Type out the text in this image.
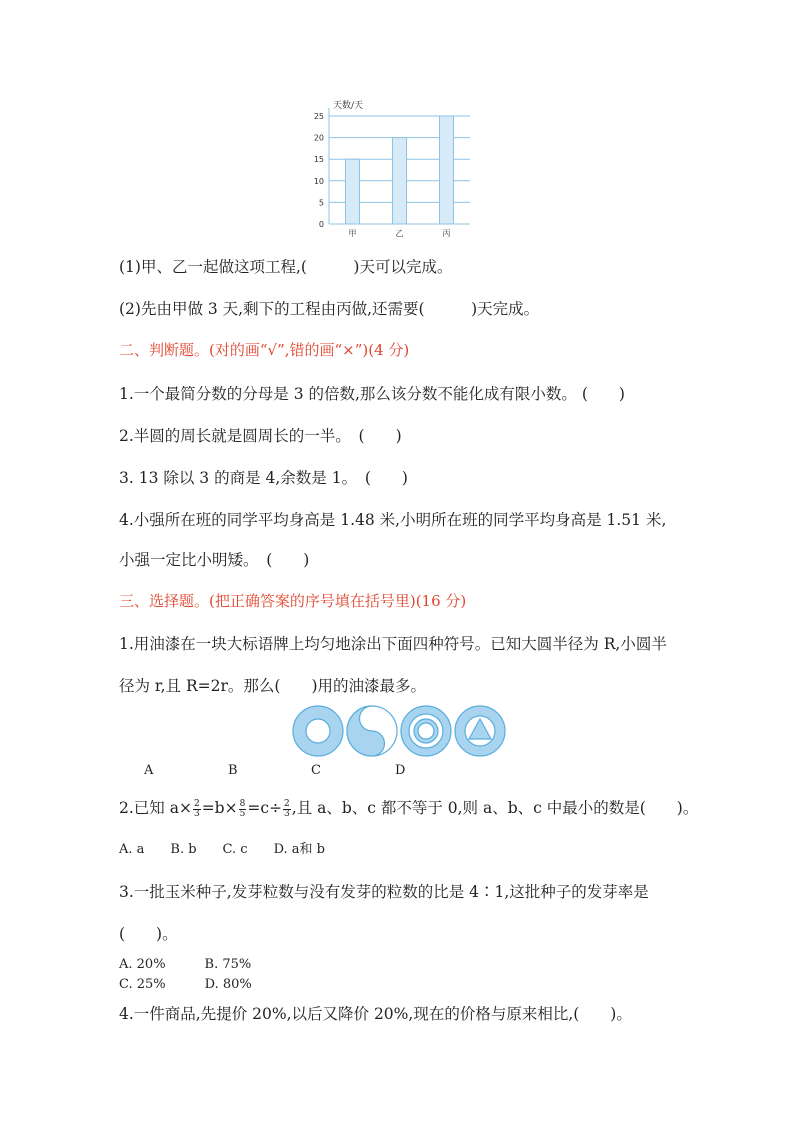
0
5
10
15
20
25
甲	乙	丙
天数/天
(1)甲、乙一起做这项工程,(　　　)天可以完成。
(2)先由甲做 3 天,剩下的工程由丙做,还需要(　　　)天完成。
二、判断题。(对的画“√”,错的画“×”)(4 分)
1.一个最简分数的分母是 3 的倍数,那么该分数不能化成有限小数。 (　　)
2.半圆的周长就是圆周长的一半。　(　　)
3. 13 除以 3 的商是 4,余数是 1。　(　　)
4.小强所在班的同学平均身高是 1.48 米,小明所在班的同学平均身高是 1.51 米,
小强一定比小明矮。　(　　)
三、选择题。(把正确答案的序号填在括号里)(16 分)
1.用油漆在一块大标语牌上均匀地涂出下面四种符号。已知大圆半径为 R,小圆半
径为 r,且 R=2r。那么(　　)用的油漆最多。
A	B	C	D
2.已知 $a\times \frac{2}{3} =b\times \frac{8}{5} =c\div \frac{2}{3}$ ,且 a、b、c 都不等于 0,则 a、b、c 中最小的数是(　　)。
A. a　　B. b　　C. c　　D. a和 b
3.一批玉米种子,发芽粒数与没有发芽的粒数的比是 4∶1,这批种子的发芽率是
(　　)。
A. 20%　　　B. 75%
C. 25%　　　D. 80%
4.一件商品,先提价 20%,以后又降价 20%,现在的价格与原来相比,(　　)。
